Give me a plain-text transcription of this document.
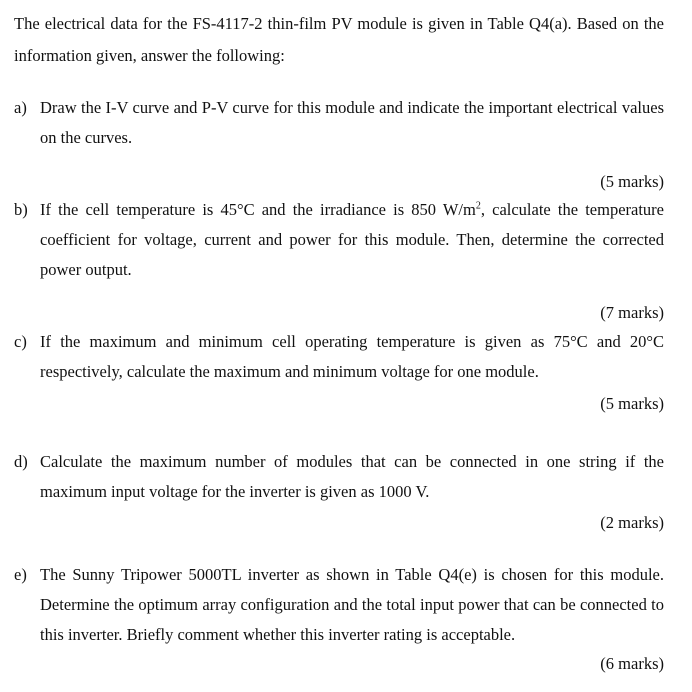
The electrical data for the FS-4117-2 thin-film PV module is given in Table Q4(a). Based on the information given, answer the following:
a) Draw the I-V curve and P-V curve for this module and indicate the important electrical values on the curves.
(5 marks)
b) If the cell temperature is 45°C and the irradiance is 850 $W/m^2$, calculate the temperature coefficient for voltage, current and power for this module. Then, determine the corrected power output.
(7 marks)
c) If the maximum and minimum cell operating temperature is given as 75°C and 20°C respectively, calculate the maximum and minimum voltage for one module.
(5 marks)
d) Calculate the maximum number of modules that can be connected in one string if the maximum input voltage for the inverter is given as 1000 V.
(2 marks)
e) The Sunny Tripower 5000TL inverter as shown in Table Q4(e) is chosen for this module. Determine the optimum array configuration and the total input power that can be connected to this inverter. Briefly comment whether this inverter rating is acceptable.
(6 marks)
